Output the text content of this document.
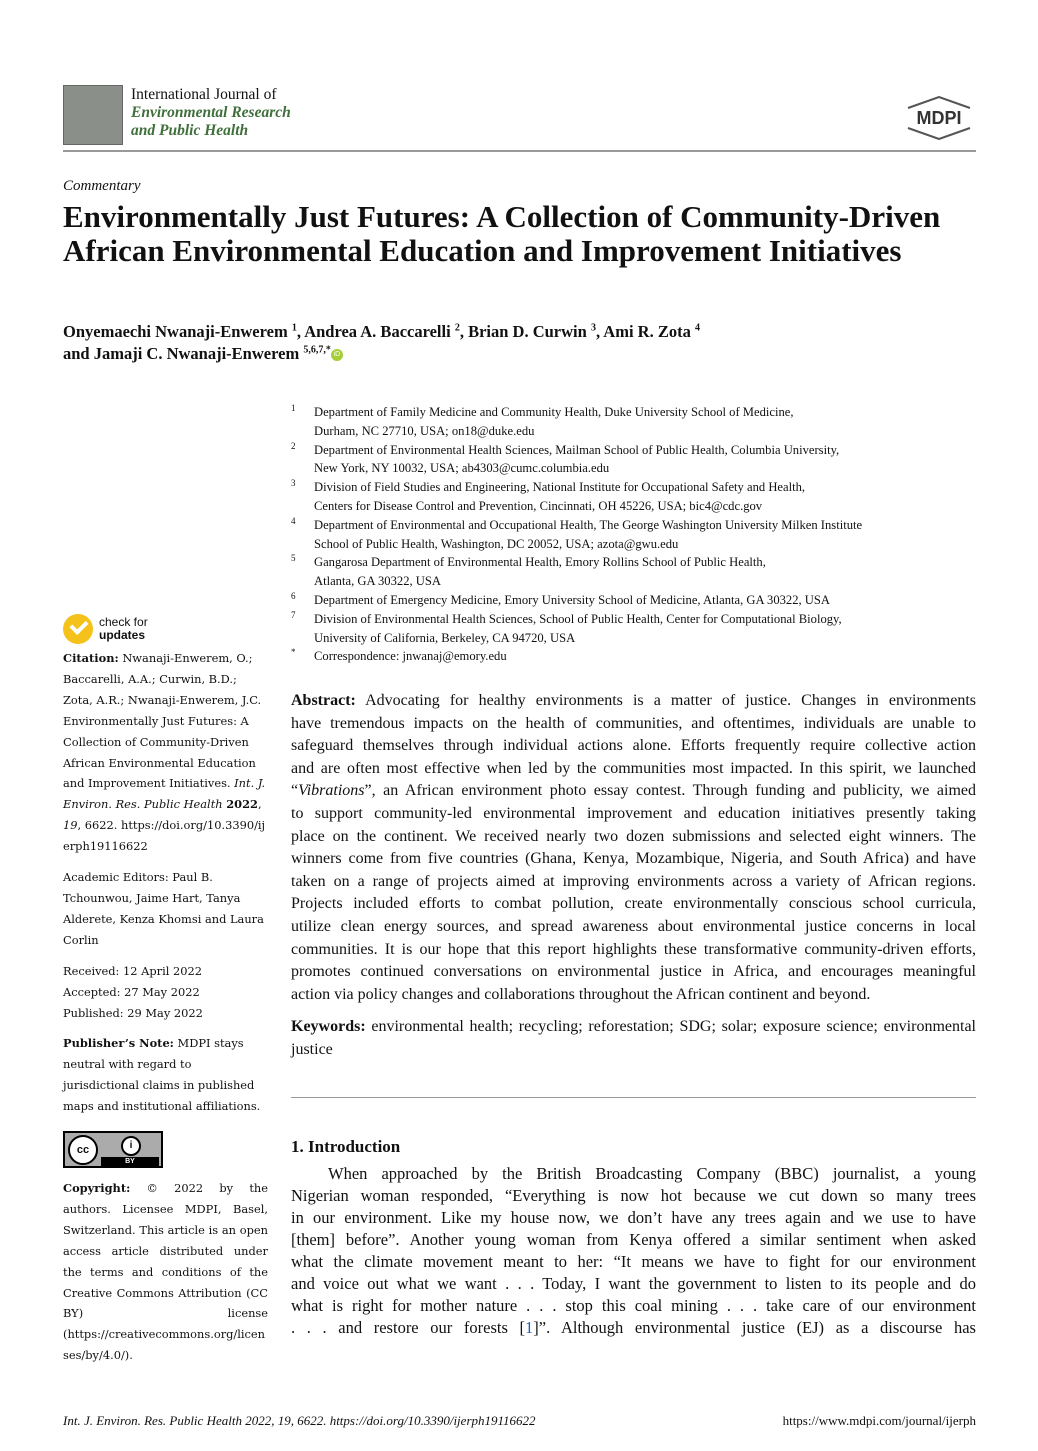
International Journal of
Environmental Research
and Public Health
MDPI
Commentary
Environmentally Just Futures: A Collection of Community-Driven African Environmental Education and Improvement Initiatives
Onyemaechi Nwanaji-Enwerem $^1$, Andrea A. Baccarelli $^2$, Brian D. Curwin $^3$, Ami R. Zota $^4$
and Jamaji C. Nwanaji-Enwerem $^{5,6,7,*}$ iD
1 Department of Family Medicine and Community Health, Duke University School of Medicine,
Durham, NC 27710, USA; on18@duke.edu
2 Department of Environmental Health Sciences, Mailman School of Public Health, Columbia University,
New York, NY 10032, USA; ab4303@cumc.columbia.edu
3 Division of Field Studies and Engineering, National Institute for Occupational Safety and Health,
Centers for Disease Control and Prevention, Cincinnati, OH 45226, USA; bic4@cdc.gov
4 Department of Environmental and Occupational Health, The George Washington University Milken Institute
School of Public Health, Washington, DC 20052, USA; azota@gwu.edu
5 Gangarosa Department of Environmental Health, Emory Rollins School of Public Health,
Atlanta, GA 30322, USA
6 Department of Emergency Medicine, Emory University School of Medicine, Atlanta, GA 30322, USA
7 Division of Environmental Health Sciences, School of Public Health, Center for Computational Biology,
University of California, Berkeley, CA 94720, USA
* Correspondence: jnwanaj@emory.edu
check for
updates
Citation: Nwanaji-Enwerem, O.; Baccarelli, A.A.; Curwin, B.D.; Zota, A.R.; Nwanaji-Enwerem, J.C. Environmentally Just Futures: A Collection of Community-Driven African Environmental Education and Improvement Initiatives. Int. J. Environ. Res. Public Health 2022, 19, 6622. https://doi.org/10.3390/ijerph19116622
Academic Editors: Paul B. Tchounwou, Jaime Hart, Tanya Alderete, Kenza Khomsi and Laura Corlin
Received: 12 April 2022
Accepted: 27 May 2022
Published: 29 May 2022
Publisher’s Note: MDPI stays neutral with regard to jurisdictional claims in published maps and institutional affiliations.
cc	i
BY
Copyright: © 2022 by the authors. Licensee MDPI, Basel, Switzerland. This article is an open access article distributed under the terms and conditions of the Creative Commons Attribution (CC BY) license (https://creativecommons.org/licenses/by/4.0/).
Abstract: Advocating for healthy environments is a matter of justice. Changes in environments
have tremendous impacts on the health of communities, and oftentimes, individuals are unable to
safeguard themselves through individual actions alone. Efforts frequently require collective action
and are often most effective when led by the communities most impacted. In this spirit, we launched
“Vibrations”, an African environment photo essay contest. Through funding and publicity, we aimed
to support community-led environmental improvement and education initiatives presently taking
place on the continent. We received nearly two dozen submissions and selected eight winners. The
winners come from five countries (Ghana, Kenya, Mozambique, Nigeria, and South Africa) and have
taken on a range of projects aimed at improving environments across a variety of African regions.
Projects included efforts to combat pollution, create environmentally conscious school curricula,
utilize clean energy sources, and spread awareness about environmental justice concerns in local
communities. It is our hope that this report highlights these transformative community-driven efforts,
promotes continued conversations on environmental justice in Africa, and encourages meaningful
action via policy changes and collaborations throughout the African continent and beyond.
Keywords: environmental health; recycling; reforestation; SDG; solar; exposure science; environmental
justice
1. Introduction
When approached by the British Broadcasting Company (BBC) journalist, a young
Nigerian woman responded, “Everything is now hot because we cut down so many trees
in our environment. Like my house now, we don’t have any trees again and we use to have
[them] before”. Another young woman from Kenya offered a similar sentiment when asked
what the climate movement meant to her: “It means we have to fight for our environment
and voice out what we want . . . Today, I want the government to listen to its people and do
what is right for mother nature . . . stop this coal mining . . . take care of our environment
. . . and restore our forests [1]”. Although environmental justice (EJ) as a discourse has
Int. J. Environ. Res. Public Health 2022, 19, 6622. https://doi.org/10.3390/ijerph19116622	https://www.mdpi.com/journal/ijerph
